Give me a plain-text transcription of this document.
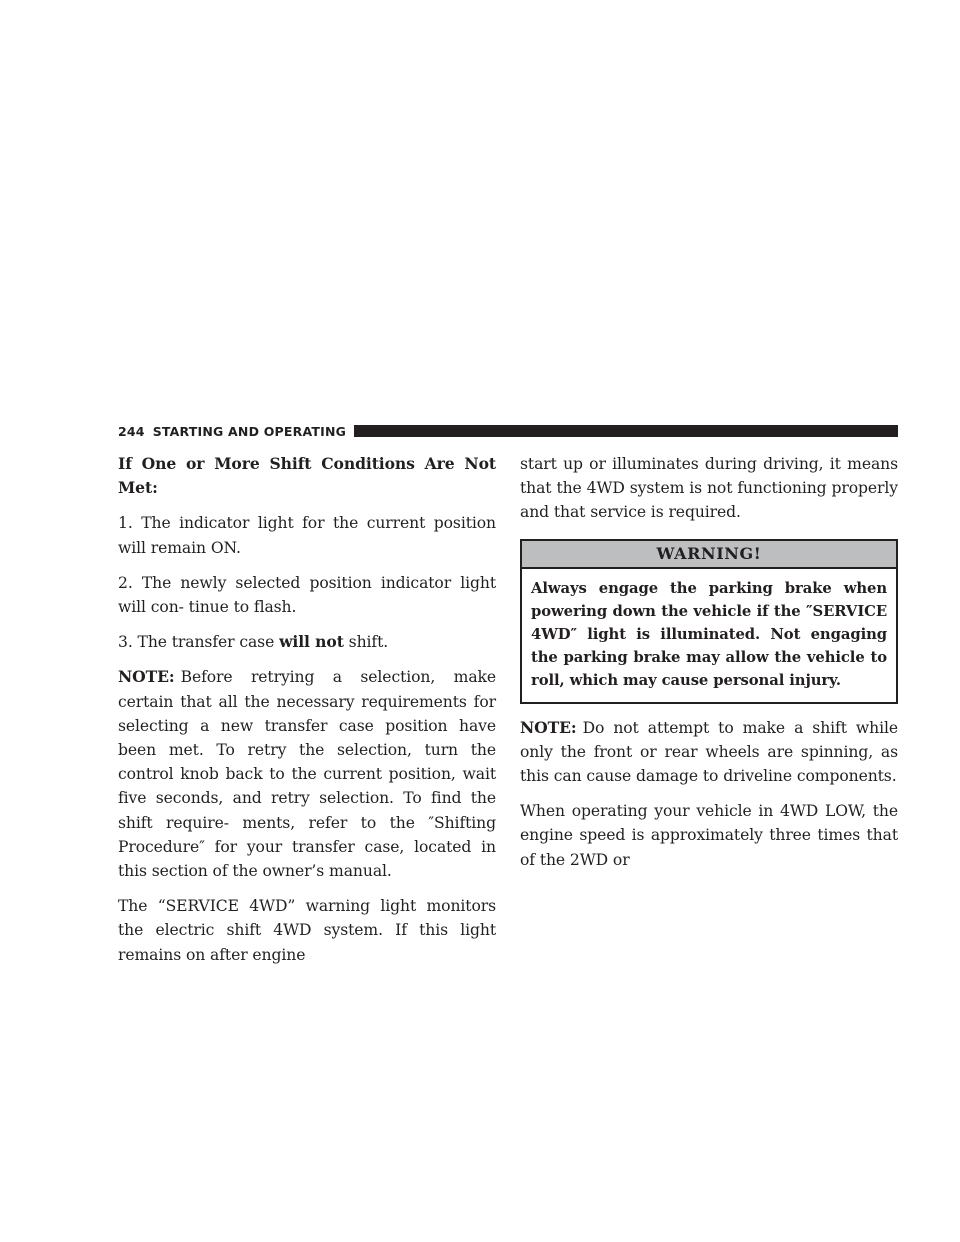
244 STARTING AND OPERATING

If One or More Shift Conditions Are Not Met:

1. The indicator light for the current position will remain ON.

2. The newly selected position indicator light will con- tinue to flash.

3. The transfer case will not shift.

NOTE: Before retrying a selection, make certain that all the necessary requirements for selecting a new transfer case position have been met. To retry the selection, turn the control knob back to the current position, wait five seconds, and retry selection. To find the shift require- ments, refer to the ″Shifting Procedure″ for your transfer case, located in this section of the owner’s manual.

The “SERVICE 4WD” warning light monitors the electric shift 4WD system. If this light remains on after engine

start up or illuminates during driving, it means that the 4WD system is not functioning properly and that service is required.

WARNING!

Always engage the parking brake when powering down the vehicle if the ″SERVICE 4WD″ light is illuminated. Not engaging the parking brake may allow the vehicle to roll, which may cause personal injury.

NOTE: Do not attempt to make a shift while only the front or rear wheels are spinning, as this can cause damage to driveline components.

When operating your vehicle in 4WD LOW, the engine speed is approximately three times that of the 2WD or
